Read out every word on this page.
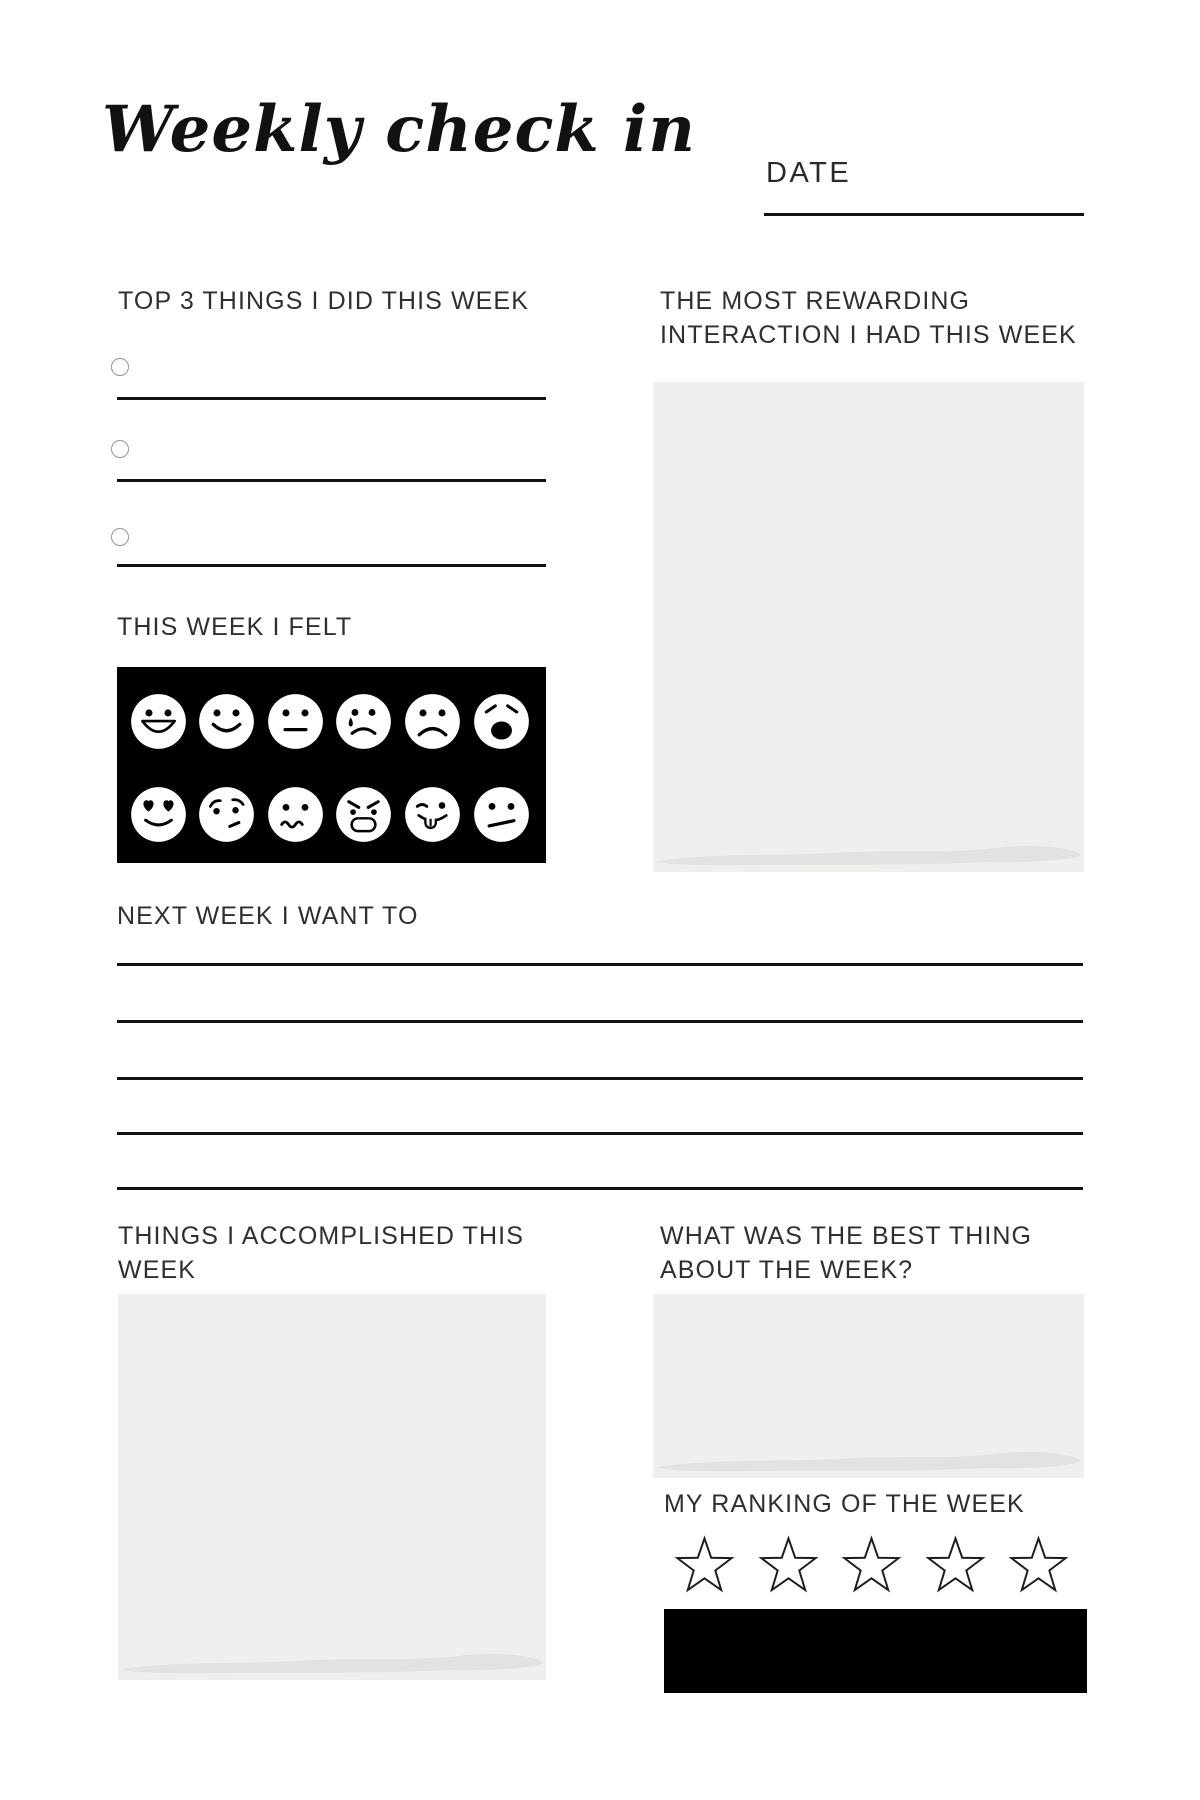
Weekly check in
DATE
TOP 3 THINGS I DID THIS WEEK	THE MOST REWARDING
INTERACTION I HAD THIS WEEK
THIS WEEK I FELT
NEXT WEEK I WANT TO
THINGS I ACCOMPLISHED THIS
WEEK
WHAT WAS THE BEST THING
ABOUT THE WEEK?
MY RANKING OF THE WEEK
